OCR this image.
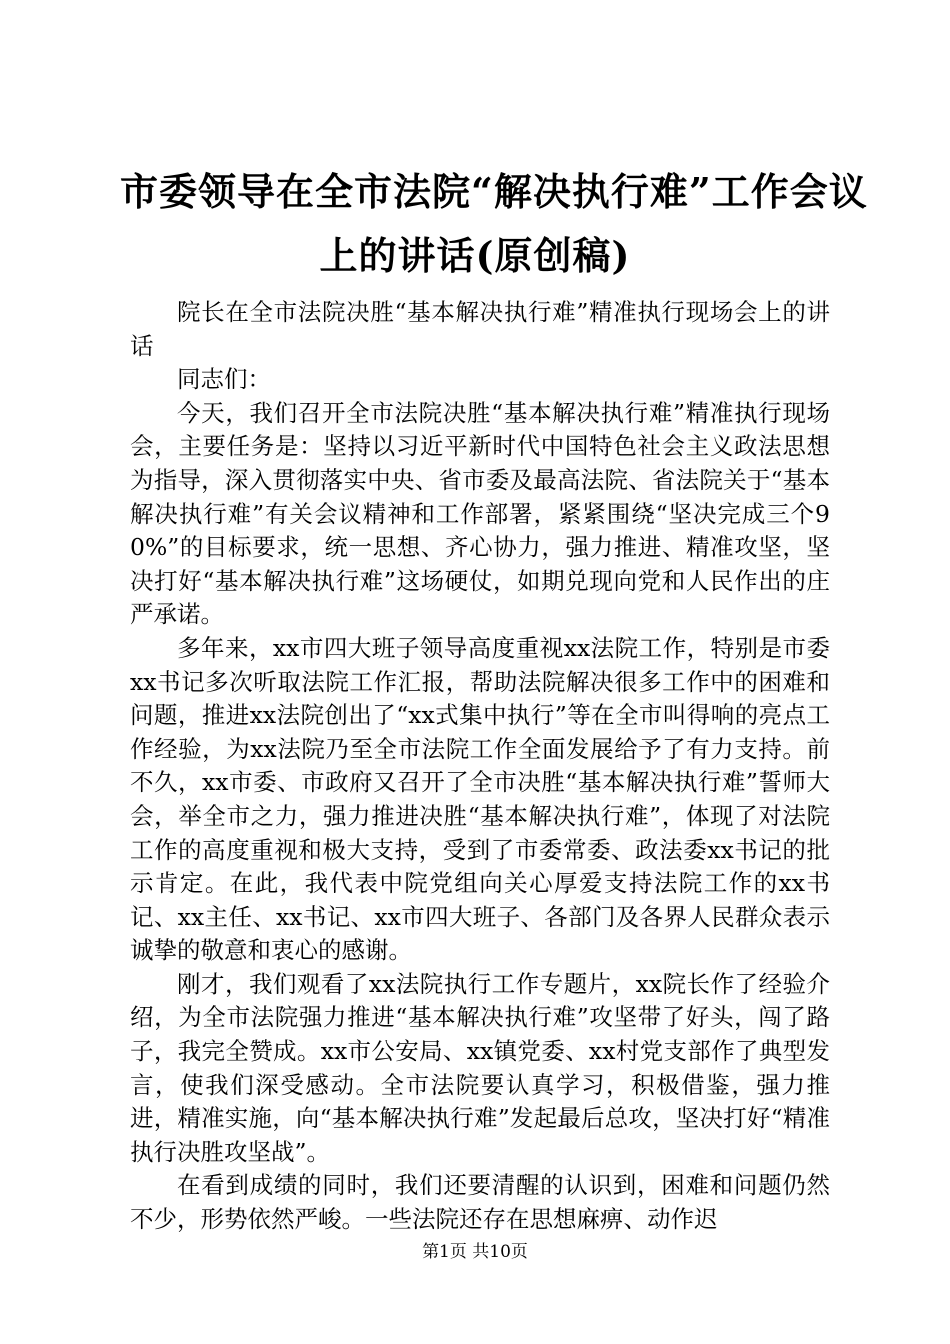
市委领导在全市法院“解决执行难”工作会议
上的讲话(原创稿)

院长在全市法院决胜“基本解决执行难”精准执行现场会上的讲话

同志们：

今天，我们召开全市法院决胜“基本解决执行难”精准执行现场会，主要任务是：坚持以习近平新时代中国特色社会主义政法思想为指导，深入贯彻落实中央、省市委及最高法院、省法院关于“基本解决执行难”有关会议精神和工作部署，紧紧围绕“坚决完成三个90%”的目标要求，统一思想、齐心协力，强力推进、精准攻坚，坚决打好“基本解决执行难”这场硬仗，如期兑现向党和人民作出的庄严承诺。

多年来，xx市四大班子领导高度重视xx法院工作，特别是市委xx书记多次听取法院工作汇报，帮助法院解决很多工作中的困难和问题，推进xx法院创出了“xx式集中执行”等在全市叫得响的亮点工作经验，为xx法院乃至全市法院工作全面发展给予了有力支持。前不久，xx市委、市政府又召开了全市决胜“基本解决执行难”誓师大会，举全市之力，强力推进决胜“基本解决执行难”，体现了对法院工作的高度重视和极大支持，受到了市委常委、政法委xx书记的批示肯定。在此，我代表中院党组向关心厚爱支持法院工作的xx书记、xx主任、xx书记、xx市四大班子、各部门及各界人民群众表示诚挚的敬意和衷心的感谢。

刚才，我们观看了xx法院执行工作专题片，xx院长作了经验介绍，为全市法院强力推进“基本解决执行难”攻坚带了好头，闯了路子，我完全赞成。xx市公安局、xx镇党委、xx村党支部作了典型发言，使我们深受感动。全市法院要认真学习，积极借鉴，强力推进，精准实施，向“基本解决执行难”发起最后总攻，坚决打好“精准执行决胜攻坚战”。

在看到成绩的同时，我们还要清醒的认识到，困难和问题仍然不少，形势依然严峻。一些法院还存在思想麻痹、动作迟

第1页 共10页
